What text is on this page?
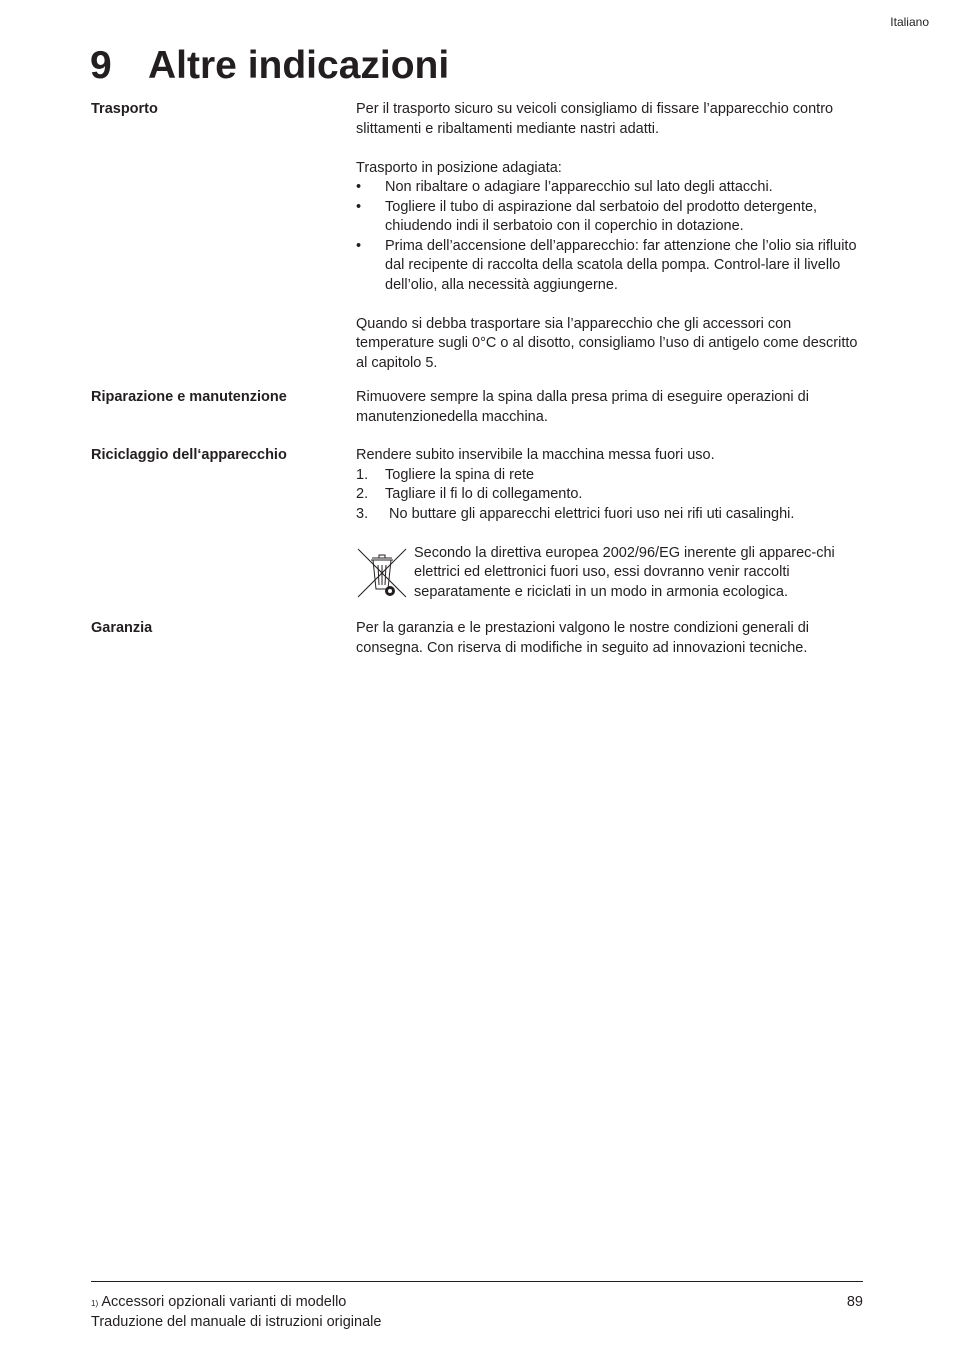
Italiano
9 Altre indicazioni
Trasporto	Per il trasporto sicuro su veicoli consigliamo di fissare l’apparecchio contro slittamenti e ribaltamenti mediante nastri adatti.

Trasporto in posizione adagiata:

• Non ribaltare o adagiare l’apparecchio sul lato degli attacchi.
• Togliere il tubo di aspirazione dal serbatoio del prodotto detergente, chiudendo indi il serbatoio con il coperchio in dotazione.
• Prima dell’accensione dell’apparecchio: far attenzione che l’olio sia rifluito dal recipente di raccolta della scatola della pompa. Control-lare il livello dell’olio, alla necessità aggiungerne.

Quando si debba trasportare sia l’apparecchio che gli accessori con temperature sugli 0°C o al disotto, consigliamo l’uso di antigelo come descritto al capitolo 5.

Riparazione e manutenzione	Rimuovere sempre la spina dalla presa prima di eseguire operazioni di manutenzionedella macchina.

Riciclaggio dell‘apparecchio	Rendere subito inservibile la macchina messa fuori uso.

1. Togliere la spina di rete
2. Tagliare il fi lo di collegamento.
3. No buttare gli apparecchi elettrici fuori uso nei rifi uti casalinghi.

Secondo la direttiva europea 2002/96/EG inerente gli apparec-chi elettrici ed elettronici fuori uso, essi dovranno venir raccolti separatamente e riciclati in un modo in armonia ecologica.

Garanzia	Per la garanzia e le prestazioni valgono le nostre condizioni generali di consegna. Con riserva di modifiche in seguito ad innovazioni tecniche.

$^{1)}$ Accessori opzionali varianti di modello
Traduzione del manuale di istruzioni originale
89
